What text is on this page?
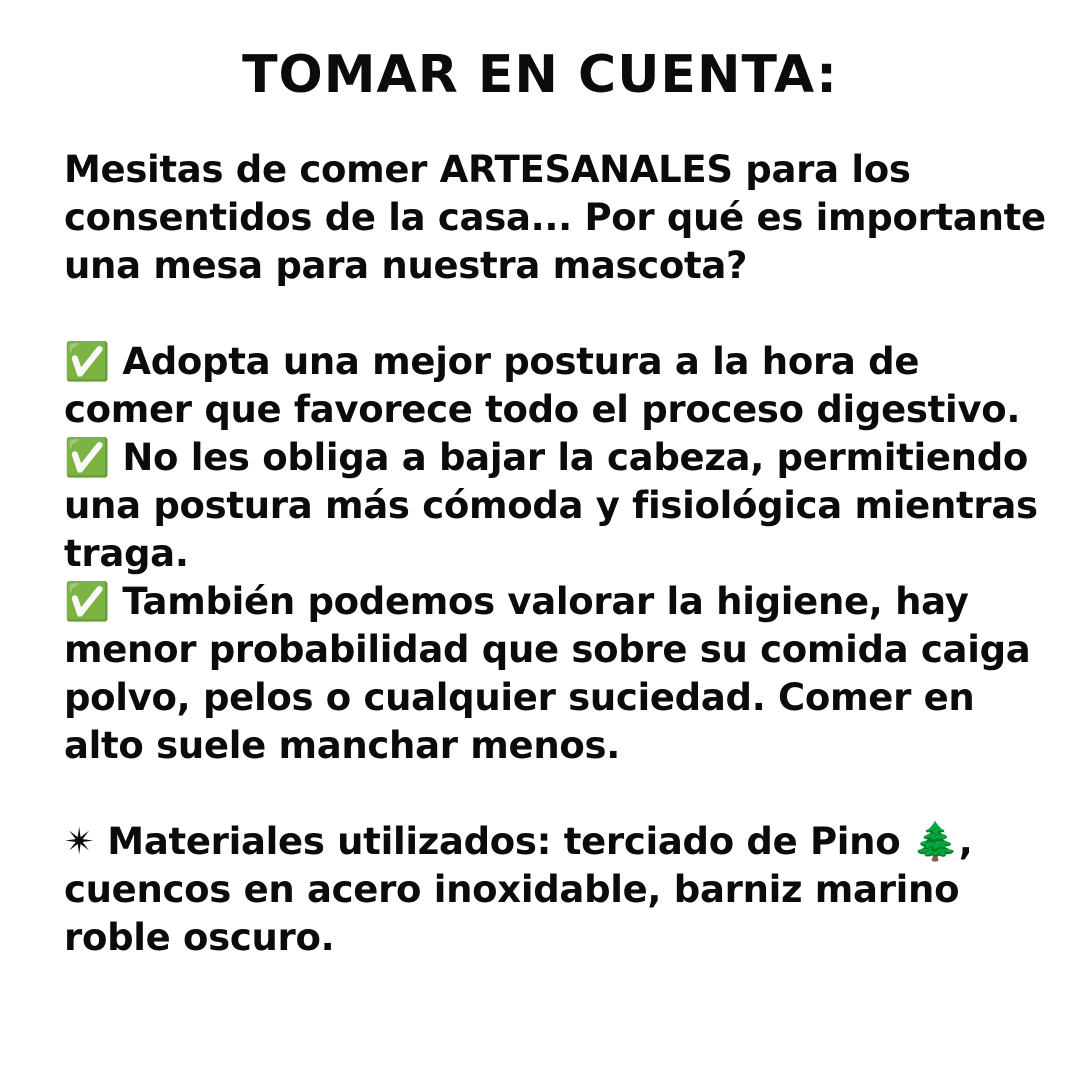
TOMAR EN CUENTA:

Mesitas de comer ARTESANALES para los consentidos de la casa... Por qué es importante una mesa para nuestra mascota?

✅ Adopta una mejor postura a la hora de comer que favorece todo el proceso digestivo.

✅ No les obliga a bajar la cabeza, permitiendo una postura más cómoda y fisiológica mientras traga.

✅ También podemos valorar la higiene, hay menor probabilidad que sobre su comida caiga polvo, pelos o cualquier suciedad. Comer en alto suele manchar menos.

✴ Materiales utilizados: terciado de Pino 🌲, cuencos en acero inoxidable, barniz marino roble oscuro.
